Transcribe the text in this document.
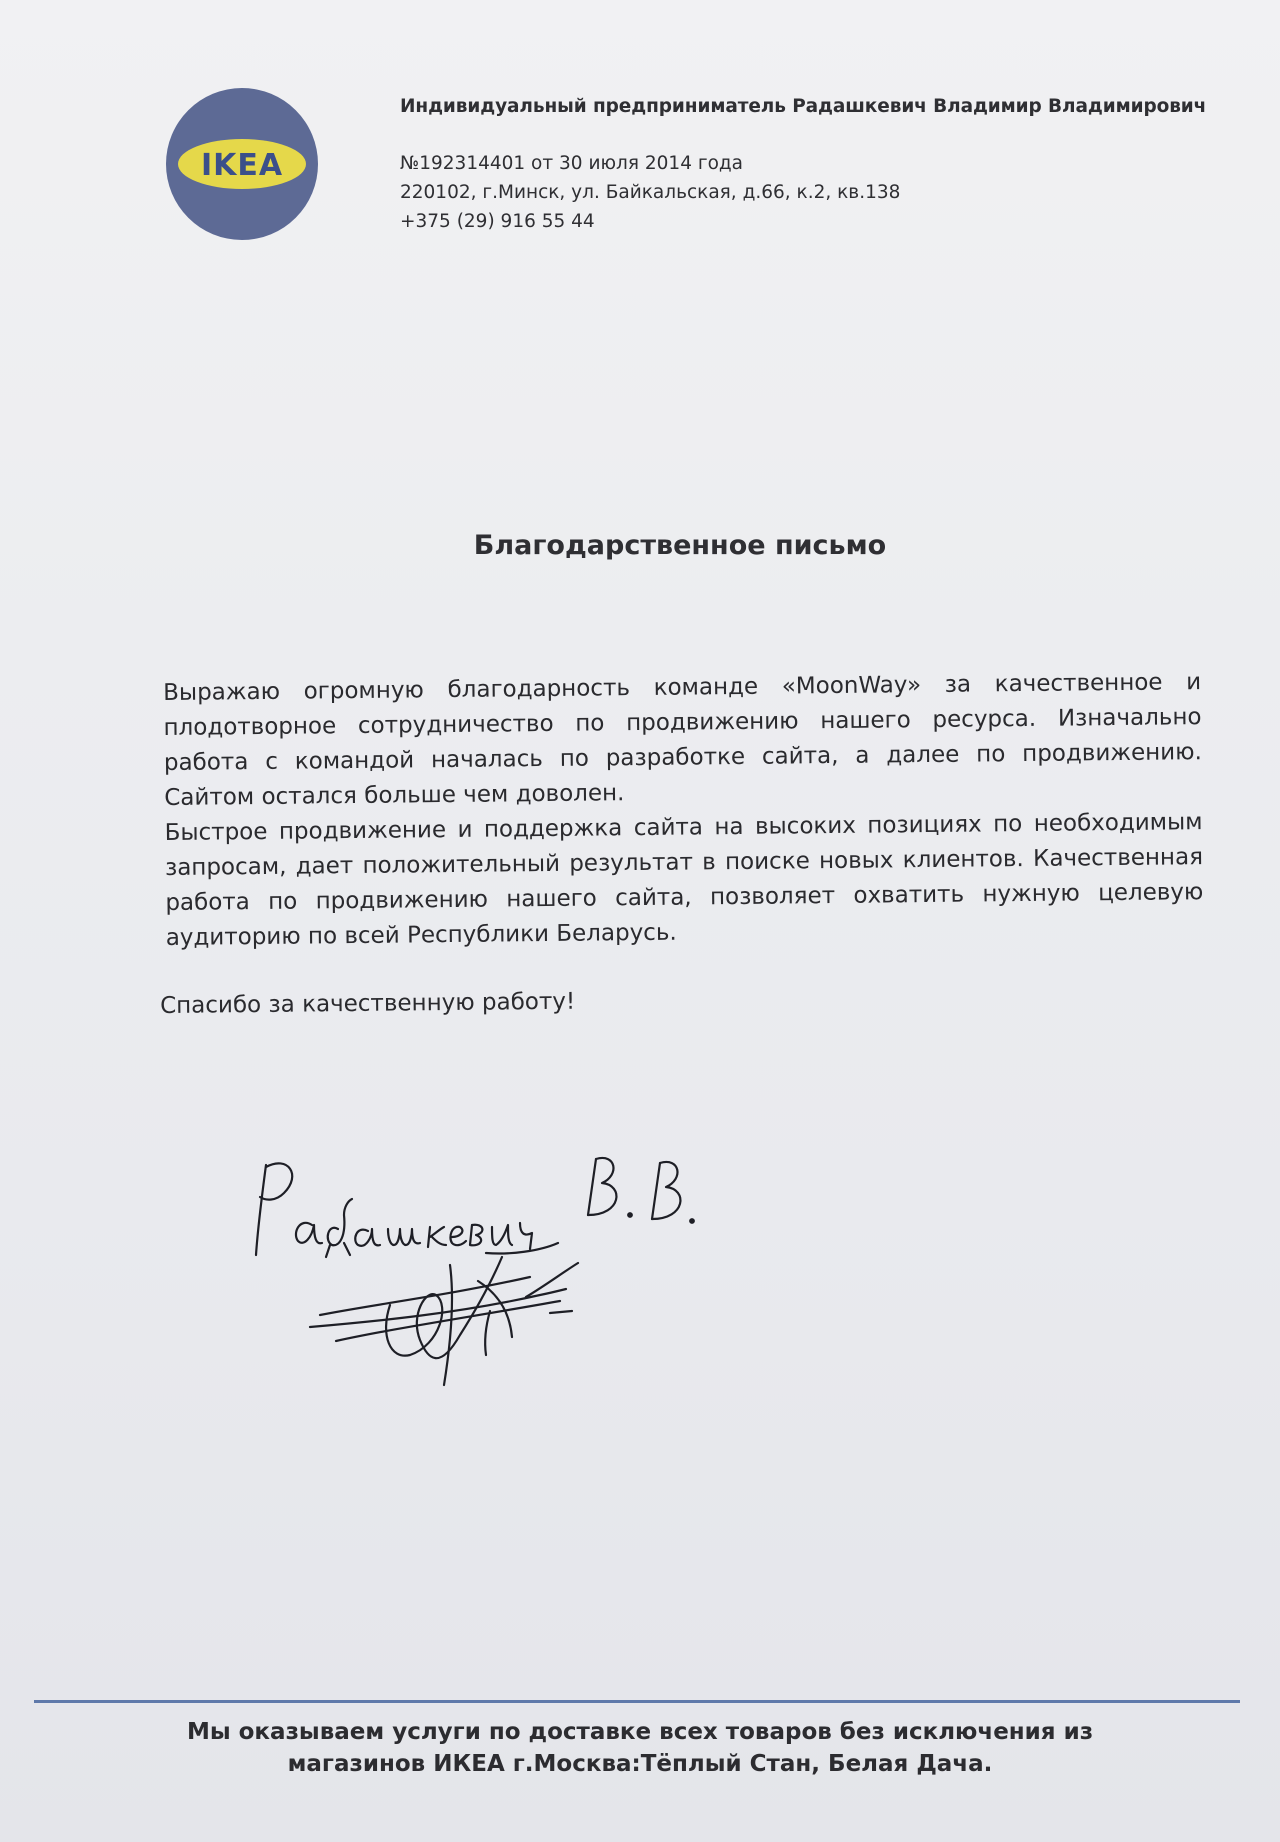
IKEA
Индивидуальный предприниматель Радашкевич Владимир Владимирович
№192314401 от 30 июля 2014 года
220102, г.Минск, ул. Байкальская, д.66, к.2, кв.138
+375 (29) 916 55 44
Благодарственное письмо

Выражаю огромную благодарность команде «MoonWay» за качественное и плодотворное сотрудничество по продвижению нашего ресурса. Изначально работа с командой началась по разработке сайта, а далее по продвижению. Сайтом остался больше чем доволен.

Быстрое продвижение и поддержка сайта на высоких позициях по необходимым запросам, дает положительный результат в поиске новых клиентов. Качественная работа по продвижению нашего сайта, позволяет охватить нужную целевую аудиторию по всей Республики Беларусь.

Спасибо за качественную работу!
Мы оказываем услуги по доставке всех товаров без исключения из
магазинов ИКЕА г.Москва:Тёплый Стан, Белая Дача.
